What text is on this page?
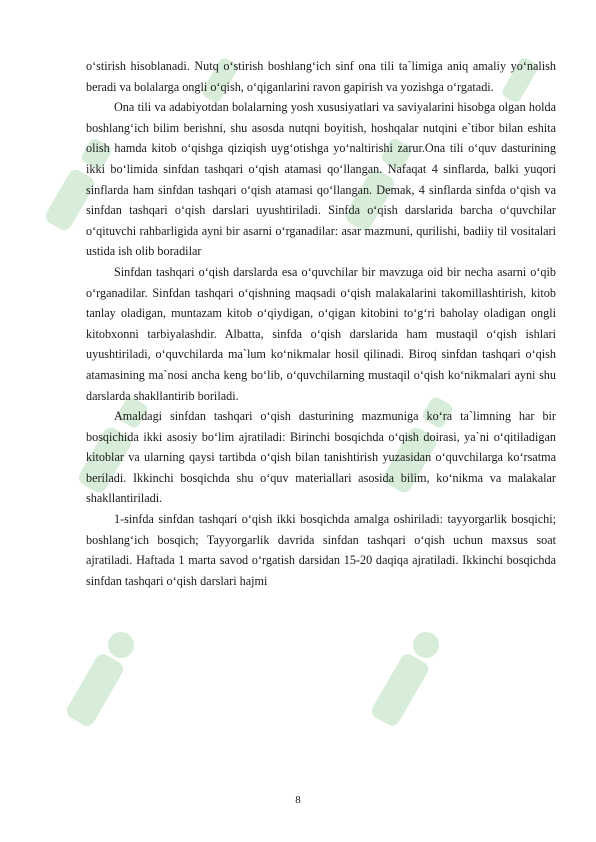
o‘stirish hisoblanadi. Nutq o‘stirish boshlang‘ich sinf ona tili ta`limiga aniq amaliy yo‘nalish beradi va bolalarga ongli o‘qish, o‘qiganlarini ravon gapirish va yozishga o‘rgatadi.

Ona tili va adabiyotdan bolalarning yosh xususiyatlari va saviyalarini hisobga olgan holda boshlang‘ich bilim berishni, shu asosda nutqni boyitish, hoshqalar nutqini e`tibor bilan eshita olish hamda kitob o‘qishga qiziqish uyg‘otishga yo‘naltirishi zarur.Ona tili o‘quv dasturining ikki bo‘limida sinfdan tashqari o‘qish atamasi qo‘llangan. Nafaqat 4 sinflarda, balki yuqori sinflarda ham sinfdan tashqari o‘qish atamasi qo‘llangan. Demak, 4 sinflarda sinfda o‘qish va sinfdan tashqari o‘qish darslari uyushtiriladi. Sinfda o‘qish darslarida barcha o‘quvchilar o‘qituvchi rahbarligida ayni bir asarni o‘rganadilar: asar mazmuni, qurilishi, badiiy til vositalari ustida ish olib boradilar

Sinfdan tashqari o‘qish darslarda esa o‘quvchilar bir mavzuga oid bir necha asarni o‘qib o‘rganadilar. Sinfdan tashqari o‘qishning maqsadi o‘qish malakalarini takomillashtirish, kitob tanlay oladigan, muntazam kitob o‘qiydigan, o‘qigan kitobini to‘g‘ri baholay oladigan ongli kitobxonni tarbiyalashdir. Albatta, sinfda o‘qish darslarida ham mustaqil o‘qish ishlari uyushtiriladi, o‘quvchilarda ma`lum ko‘nikmalar hosil qilinadi. Biroq sinfdan tashqari o‘qish atamasining ma`nosi ancha keng bo‘lib, o‘quvchilarning mustaqil o‘qish ko‘nikmalari ayni shu darslarda shakllantirib boriladi.

Amaldagi sinfdan tashqari o‘qish dasturining mazmuniga ko‘ra ta`limning har bir bosqichida ikki asosiy bo‘lim ajratiladi: Birinchi bosqichda o‘qish doirasi, ya`ni o‘qitiladigan kitoblar va ularning qaysi tartibda o‘qish bilan tanishtirish yuzasidan o‘quvchilarga ko‘rsatma beriladi. Ikkinchi bosqichda shu o‘quv materiallari asosida bilim, ko‘nikma va malakalar shakllantiriladi.

1-sinfda sinfdan tashqari o‘qish ikki bosqichda amalga oshiriladi: tayyorgarlik bosqichi; boshlang‘ich bosqich; Tayyorgarlik davrida sinfdan tashqari o‘qish uchun maxsus soat ajratiladi. Haftada 1 marta savod o‘rgatish darsidan 15-20 daqiqa ajratiladi. Ikkinchi bosqichda sinfdan tashqari o‘qish darslari hajmi

8
